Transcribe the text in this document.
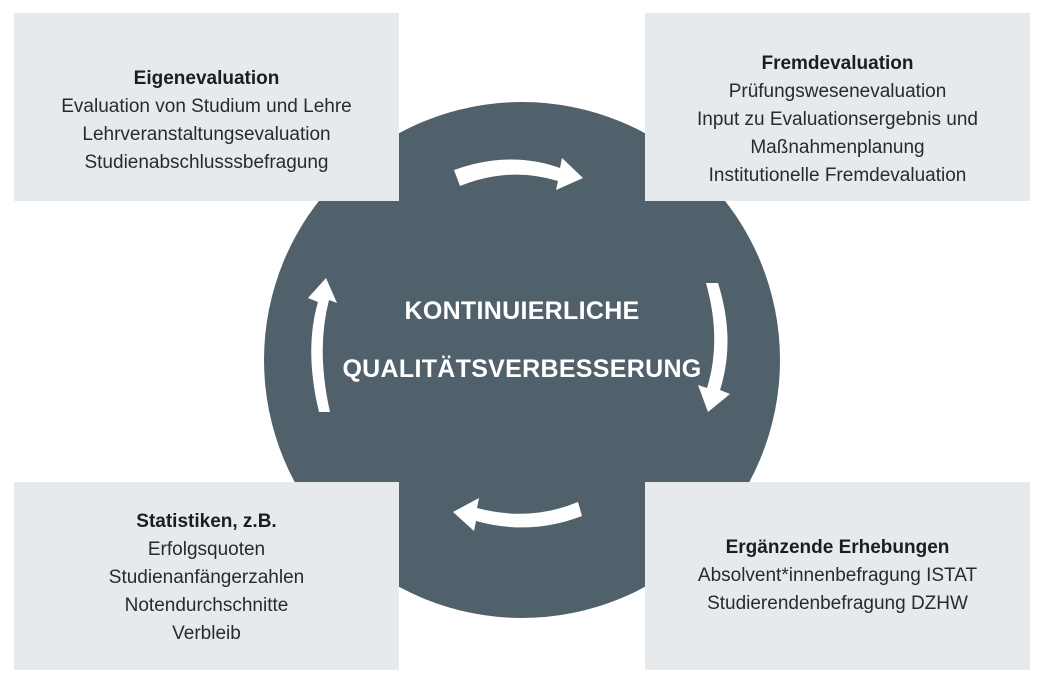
KONTINUIERLICHE
QUALITÄTSVERBESSERUNG
Eigenevaluation
Evaluation von Studium und Lehre
Lehrveranstaltungsevaluation
Studienabschlusssbefragung
Fremdevaluation
Prüfungswesenevaluation
Input zu Evaluationsergebnis und
Maßnahmenplanung
Institutionelle Fremdevaluation
Statistiken, z.B.
Erfolgsquoten
Studienanfängerzahlen
Notendurchschnitte
Verbleib
Ergänzende Erhebungen
Absolvent*innenbefragung ISTAT
Studierendenbefragung DZHW
